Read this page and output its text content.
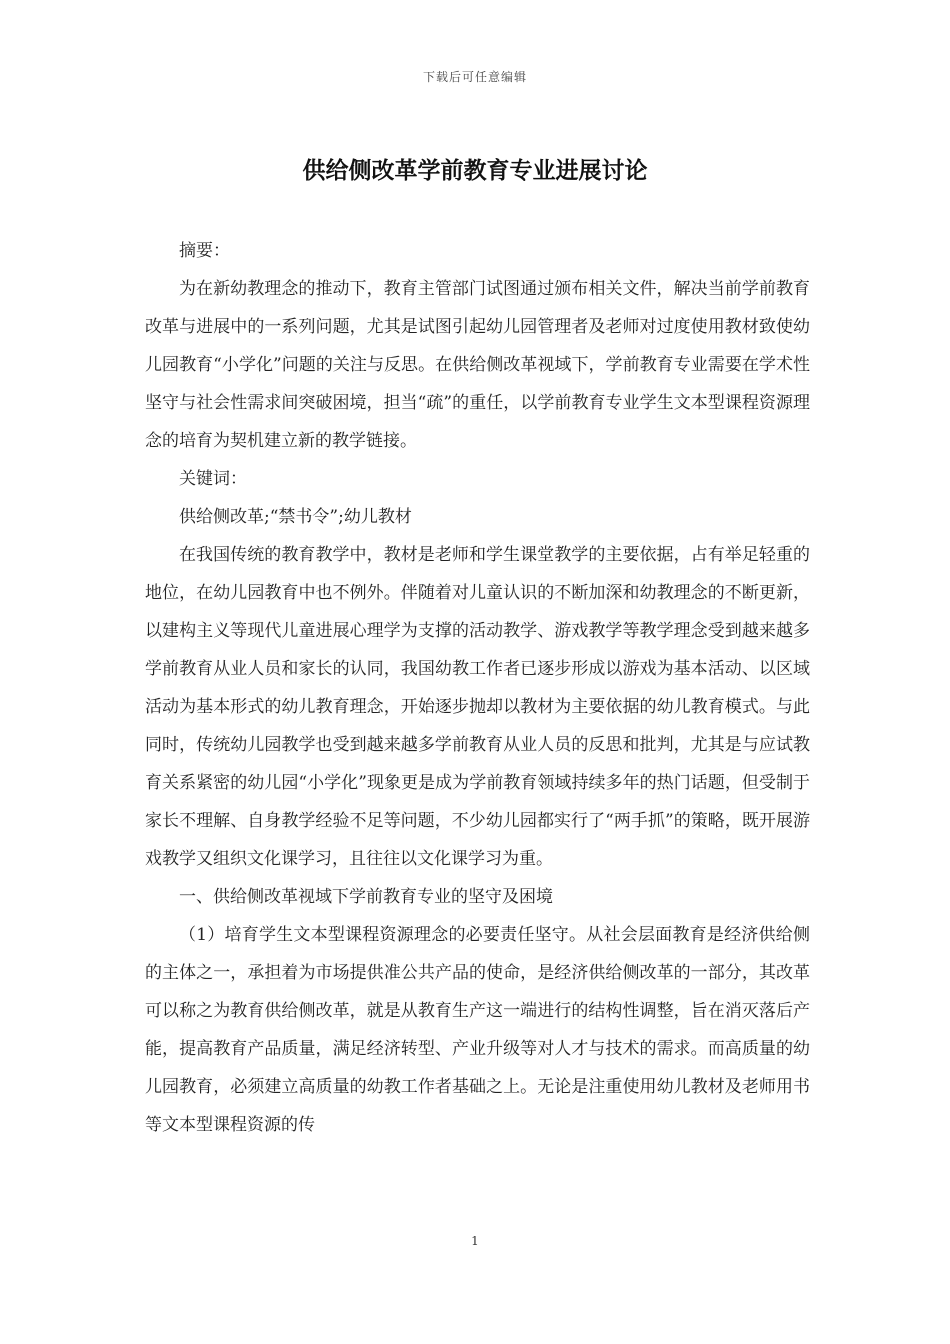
下载后可任意编辑
供给侧改革学前教育专业进展讨论

摘要：

为在新幼教理念的推动下，教育主管部门试图通过颁布相关文件，解决当前学前教育改革与进展中的一系列问题，尤其是试图引起幼儿园管理者及老师对过度使用教材致使幼儿园教育“小学化”问题的关注与反思。在供给侧改革视域下，学前教育专业需要在学术性坚守与社会性需求间突破困境，担当“疏”的重任，以学前教育专业学生文本型课程资源理念的培育为契机建立新的教学链接。

关键词：

供给侧改革;“禁书令”;幼儿教材

在我国传统的教育教学中，教材是老师和学生课堂教学的主要依据，占有举足轻重的地位，在幼儿园教育中也不例外。伴随着对儿童认识的不断加深和幼教理念的不断更新，以建构主义等现代儿童进展心理学为支撑的活动教学、游戏教学等教学理念受到越来越多学前教育从业人员和家长的认同，我国幼教工作者已逐步形成以游戏为基本活动、以区域活动为基本形式的幼儿教育理念，开始逐步抛却以教材为主要依据的幼儿教育模式。与此同时，传统幼儿园教学也受到越来越多学前教育从业人员的反思和批判，尤其是与应试教育关系紧密的幼儿园“小学化”现象更是成为学前教育领域持续多年的热门话题，但受制于家长不理解、自身教学经验不足等问题，不少幼儿园都实行了“两手抓”的策略，既开展游戏教学又组织文化课学习，且往往以文化课学习为重。

一、供给侧改革视域下学前教育专业的坚守及困境

（1）培育学生文本型课程资源理念的必要责任坚守。从社会层面教育是经济供给侧的主体之一，承担着为市场提供准公共产品的使命，是经济供给侧改革的一部分，其改革可以称之为教育供给侧改革，就是从教育生产这一端进行的结构性调整，旨在消灭落后产能，提高教育产品质量，满足经济转型、产业升级等对人才与技术的需求。而高质量的幼儿园教育，必须建立高质量的幼教工作者基础之上。无论是注重使用幼儿教材及老师用书等文本型课程资源的传

1
